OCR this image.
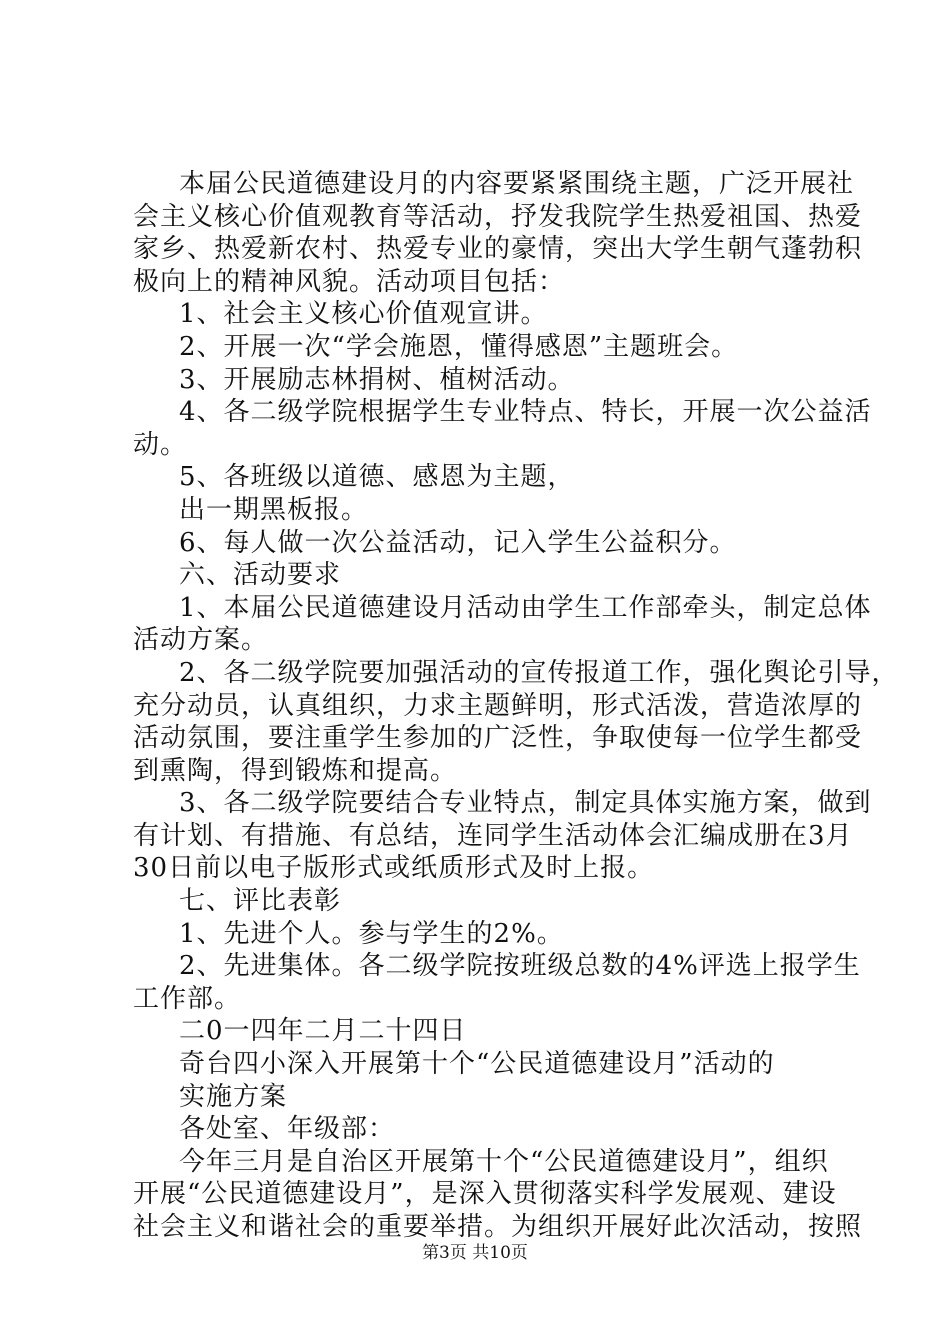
本届公民道德建设月的内容要紧紧围绕主题，广泛开展社
会主义核心价值观教育等活动，抒发我院学生热爱祖国、热爱
家乡、热爱新农村、热爱专业的豪情，突出大学生朝气蓬勃积
极向上的精神风貌。活动项目包括：
1、社会主义核心价值观宣讲。
2、开展一次“学会施恩，懂得感恩”主题班会。
3、开展励志林捐树、植树活动。
4、各二级学院根据学生专业特点、特长，开展一次公益活
动。
5、各班级以道德、感恩为主题，
出一期黑板报。
6、每人做一次公益活动，记入学生公益积分。
六、活动要求
1、本届公民道德建设月活动由学生工作部牵头，制定总体
活动方案。
2、各二级学院要加强活动的宣传报道工作，强化舆论引导，
充分动员，认真组织，力求主题鲜明，形式活泼，营造浓厚的
活动氛围，要注重学生参加的广泛性，争取使每一位学生都受
到熏陶，得到锻炼和提高。
3、各二级学院要结合专业特点，制定具体实施方案，做到
有计划、有措施、有总结，连同学生活动体会汇编成册在3月
30日前以电子版形式或纸质形式及时上报。
七、评比表彰
1、先进个人。参与学生的2%。
2、先进集体。各二级学院按班级总数的4%评选上报学生
工作部。
二0一四年二月二十四日
奇台四小深入开展第十个“公民道德建设月”活动的
实施方案
各处室、年级部：
今年三月是自治区开展第十个“公民道德建设月”，组织
开展“公民道德建设月”，是深入贯彻落实科学发展观、建设
社会主义和谐社会的重要举措。为组织开展好此次活动，按照
第3页 共10页
